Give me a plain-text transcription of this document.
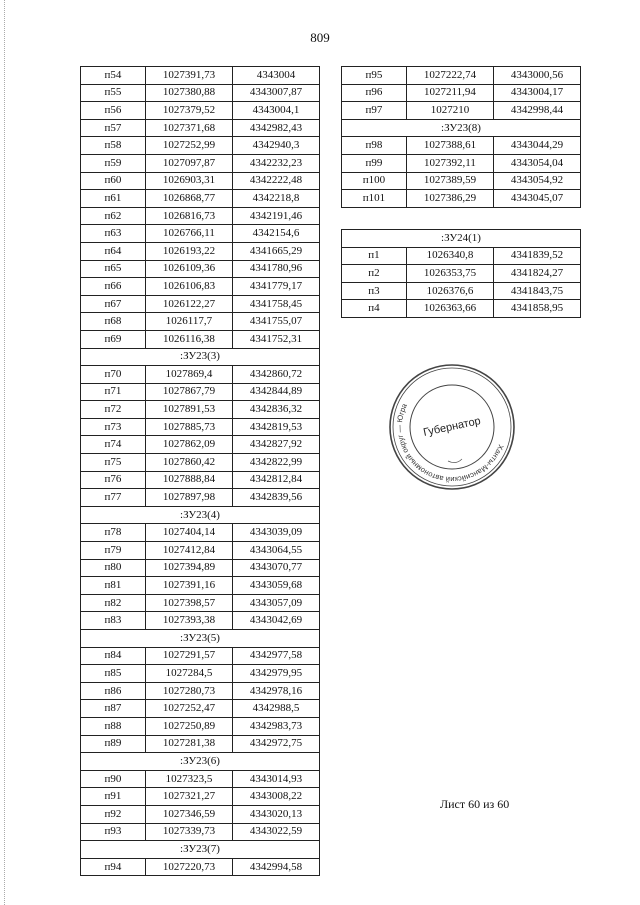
809
п54	1027391,73	4343004
п55	1027380,88	4343007,87
п56	1027379,52	4343004,1
п57	1027371,68	4342982,43
п58	1027252,99	4342940,3
п59	1027097,87	4342232,23
п60	1026903,31	4342222,48
п61	1026868,77	4342218,8
п62	1026816,73	4342191,46
п63	1026766,11	4342154,6
п64	1026193,22	4341665,29
п65	1026109,36	4341780,96
п66	1026106,83	4341779,17
п67	1026122,27	4341758,45
п68	1026117,7	4341755,07
п69	1026116,38	4341752,31
:ЗУ23(3)		
п70	1027869,4	4342860,72
п71	1027867,79	4342844,89
п72	1027891,53	4342836,32
п73	1027885,73	4342819,53
п74	1027862,09	4342827,92
п75	1027860,42	4342822,99
п76	1027888,84	4342812,84
п77	1027897,98	4342839,56
:ЗУ23(4)		
п78	1027404,14	4343039,09
п79	1027412,84	4343064,55
п80	1027394,89	4343070,77
п81	1027391,16	4343059,68
п82	1027398,57	4343057,09
п83	1027393,38	4343042,69
:ЗУ23(5)		
п84	1027291,57	4342977,58
п85	1027284,5	4342979,95
п86	1027280,73	4342978,16
п87	1027252,47	4342988,5
п88	1027250,89	4342983,73
п89	1027281,38	4342972,75
:ЗУ23(6)		
п90	1027323,5	4343014,93
п91	1027321,27	4343008,22
п92	1027346,59	4343020,13
п93	1027339,73	4343022,59
:ЗУ23(7)		
п94	1027220,73	4342994,58
п95	1027222,74	4343000,56
п96	1027211,94	4343004,17
п97	1027210	4342998,44
:ЗУ23(8)		
п98	1027388,61	4343044,29
п99	1027392,11	4343054,04
п100	1027389,59	4343054,92
п101	1027386,29	4343045,07
:ЗУ24(1)		
п1	1026340,8	4341839,52
п2	1026353,75	4341824,27
п3	1026376,6	4341843,75
п4	1026363,66	4341858,95
Ханты-Мансийский автономный округ — Югра
Губернатор
Лист 60 из 60
